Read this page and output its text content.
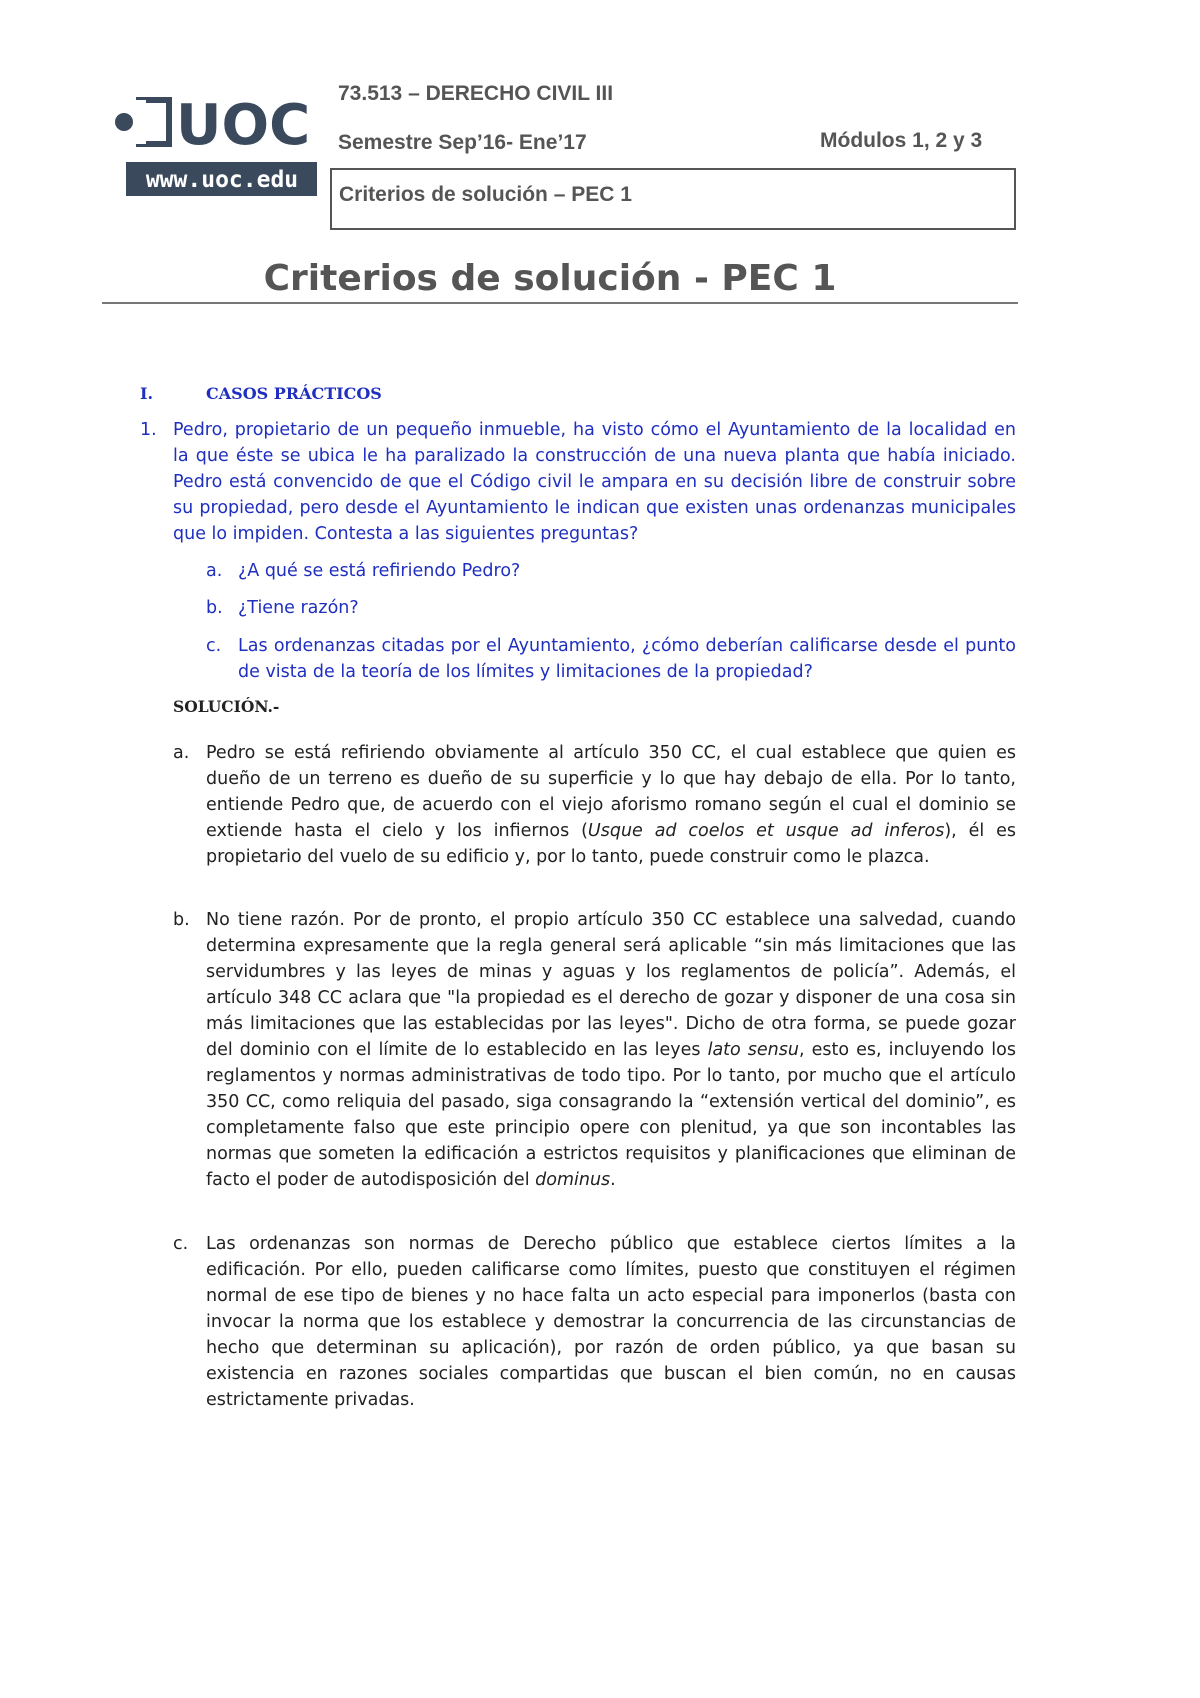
UOC
www.uoc.edu
73.513 – DERECHO CIVIL III
Semestre Sep’16- Ene’17	Módulos 1, 2 y 3
Criterios de solución – PEC 1
Criterios de solución - PEC 1
I.	CASOS PRÁCTICOS
1. Pedro, propietario de un pequeño inmueble, ha visto cómo el Ayuntamiento de la localidad en la que éste se ubica le ha paralizado la construcción de una nueva planta que había iniciado. Pedro está convencido de que el Código civil le ampara en su decisión libre de construir sobre su propiedad, pero desde el Ayuntamiento le indican que existen unas ordenanzas municipales que lo impiden. Contesta a las siguientes preguntas?
a. ¿A qué se está refiriendo Pedro?
b. ¿Tiene razón?
c. Las ordenanzas citadas por el Ayuntamiento, ¿cómo deberían calificarse desde el punto de vista de la teoría de los límites y limitaciones de la propiedad?
SOLUCIÓN.-
a. Pedro se está refiriendo obviamente al artículo 350 CC, el cual establece que quien es dueño de un terreno es dueño de su superficie y lo que hay debajo de ella. Por lo tanto, entiende Pedro que, de acuerdo con el viejo aforismo romano según el cual el dominio se extiende hasta el cielo y los infiernos (Usque ad coelos et usque ad inferos), él es propietario del vuelo de su edificio y, por lo tanto, puede construir como le plazca.
b. No tiene razón. Por de pronto, el propio artículo 350 CC establece una salvedad, cuando determina expresamente que la regla general será aplicable “sin más limitaciones que las servidumbres y las leyes de minas y aguas y los reglamentos de policía”. Además, el artículo 348 CC aclara que "la propiedad es el derecho de gozar y disponer de una cosa sin más limitaciones que las establecidas por las leyes". Dicho de otra forma, se puede gozar del dominio con el límite de lo establecido en las leyes lato sensu, esto es, incluyendo los reglamentos y normas administrativas de todo tipo. Por lo tanto, por mucho que el artículo 350 CC, como reliquia del pasado, siga consagrando la “extensión vertical del dominio”, es completamente falso que este principio opere con plenitud, ya que son incontables las normas que someten la edificación a estrictos requisitos y planificaciones que eliminan de facto el poder de autodisposición del dominus.
c. Las ordenanzas son normas de Derecho público que establece ciertos límites a la edificación. Por ello, pueden calificarse como límites, puesto que constituyen el régimen normal de ese tipo de bienes y no hace falta un acto especial para imponerlos (basta con invocar la norma que los establece y demostrar la concurrencia de las circunstancias de hecho que determinan su aplicación), por razón de orden público, ya que basan su existencia en razones sociales compartidas que buscan el bien común, no en causas estrictamente privadas.
